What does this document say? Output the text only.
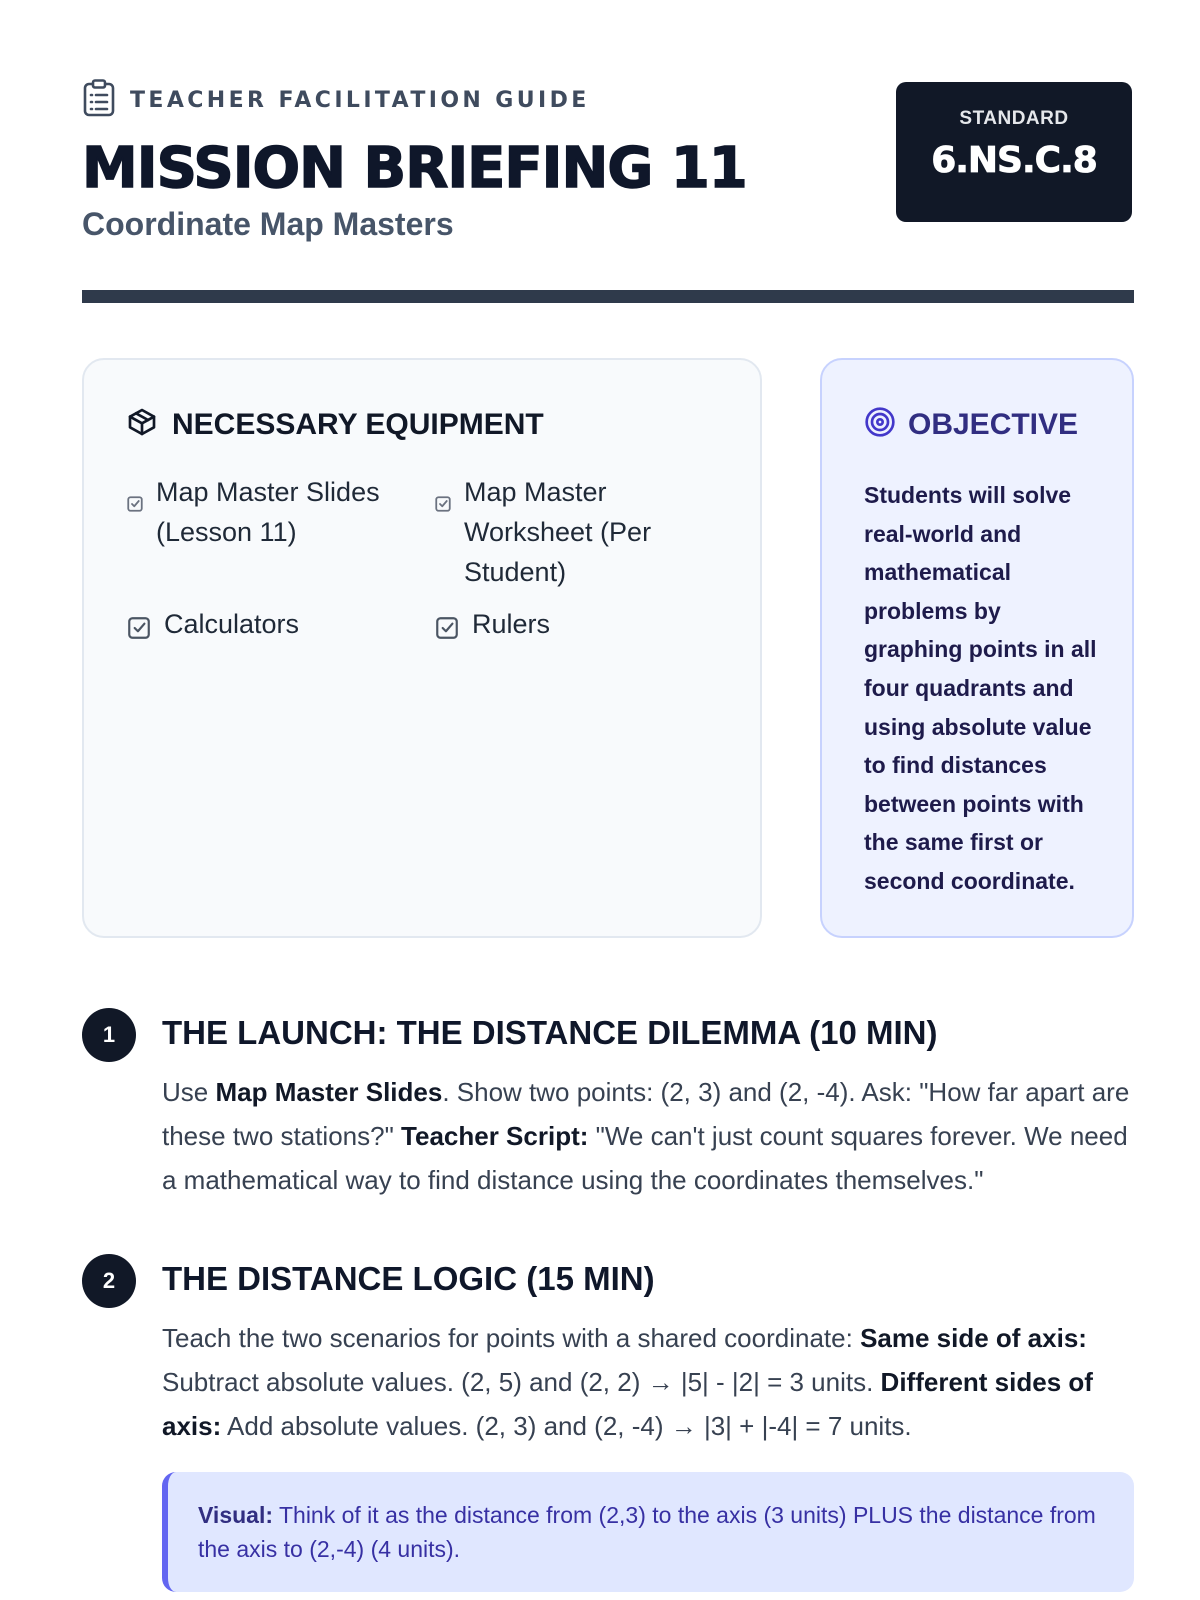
TEACHER FACILITATION GUIDE
MISSION BRIEFING 11
Coordinate Map Masters
STANDARD
6.NS.C.8
NECESSARY EQUIPMENT
Map Master Slides
(Lesson 11)
Map Master
Worksheet (Per
Student)
Calculators	Rulers
OBJECTIVE
Students will solve
real-world and
mathematical
problems by
graphing points in all
four quadrants and
using absolute value
to find distances
between points with
the same first or
second coordinate.
1	THE LAUNCH: THE DISTANCE DILEMMA (10 MIN)
Use Map Master Slides. Show two points: (2, 3) and (2, -4). Ask: "How far apart are these two stations?" Teacher Script: "We can't just count squares forever. We need a mathematical way to find distance using the coordinates themselves."
2	THE DISTANCE LOGIC (15 MIN)
Teach the two scenarios for points with a shared coordinate: Same side of axis: Subtract absolute values. (2, 5) and (2, 2) → |5| - |2| = 3 units. Different sides of axis: Add absolute values. (2, 3) and (2, -4) → |3| + |-4| = 7 units.
Visual: Think of it as the distance from (2,3) to the axis (3 units) PLUS the distance from the axis to (2,-4) (4 units).
